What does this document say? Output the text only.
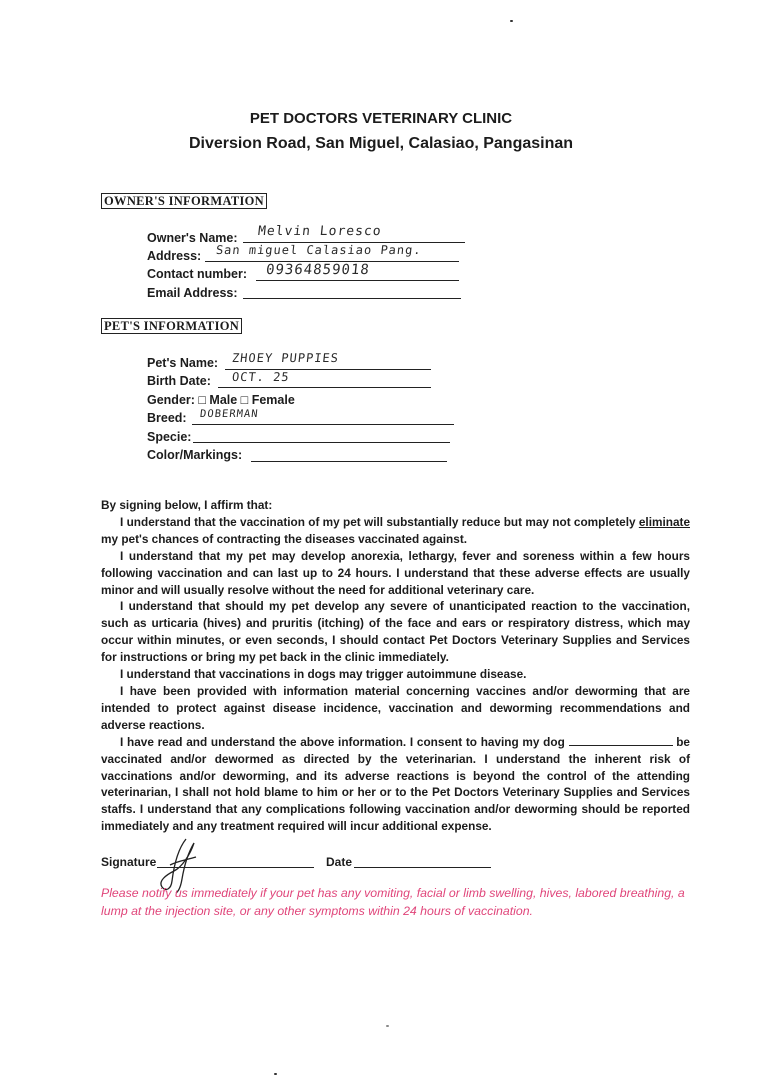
PET DOCTORS VETERINARY CLINIC
Diversion Road, San Miguel, Calasiao, Pangasinan
OWNER'S INFORMATION
Owner's Name: Melvin Loresco
Address: San miguel Calasiao Pang.
Contact number: 09364859018
Email Address:
PET'S INFORMATION
Pet's Name: ZHOEY PUPPIES
Birth Date: OCT. 25
Gender: □ Male □ Female
Breed: DOBERMAN
Specie:
Color/Markings:

By signing below, I affirm that:

I understand that the vaccination of my pet will substantially reduce but may not completely eliminate my pet's chances of contracting the diseases vaccinated against.

I understand that my pet may develop anorexia, lethargy, fever and soreness within a few hours following vaccination and can last up to 24 hours. I understand that these adverse effects are usually minor and will usually resolve without the need for additional veterinary care.

I understand that should my pet develop any severe of unanticipated reaction to the vaccination, such as urticaria (hives) and pruritis (itching) of the face and ears or respiratory distress, which may occur within minutes, or even seconds, I should contact Pet Doctors Veterinary Supplies and Services for instructions or bring my pet back in the clinic immediately.

I understand that vaccinations in dogs may trigger autoimmune disease.

I have been provided with information material concerning vaccines and/or deworming that are intended to protect against disease incidence, vaccination and deworming recommendations and adverse reactions.

I have read and understand the above information. I consent to having my dog	be vaccinated and/or dewormed as directed by the veterinarian. I understand the inherent risk of vaccinations and/or deworming, and its adverse reactions is beyond the control of the attending veterinarian, I shall not hold blame to him or her or to the Pet Doctors Veterinary Supplies and Services staffs. I understand that any complications following vaccination and/or deworming should be reported immediately and any treatment required will incur additional expense.

Signature	Date
Please notify us immediately if your pet has any vomiting, facial or limb swelling, hives, labored breathing, a lump at the injection site, or any other symptoms within 24 hours of vaccination.
